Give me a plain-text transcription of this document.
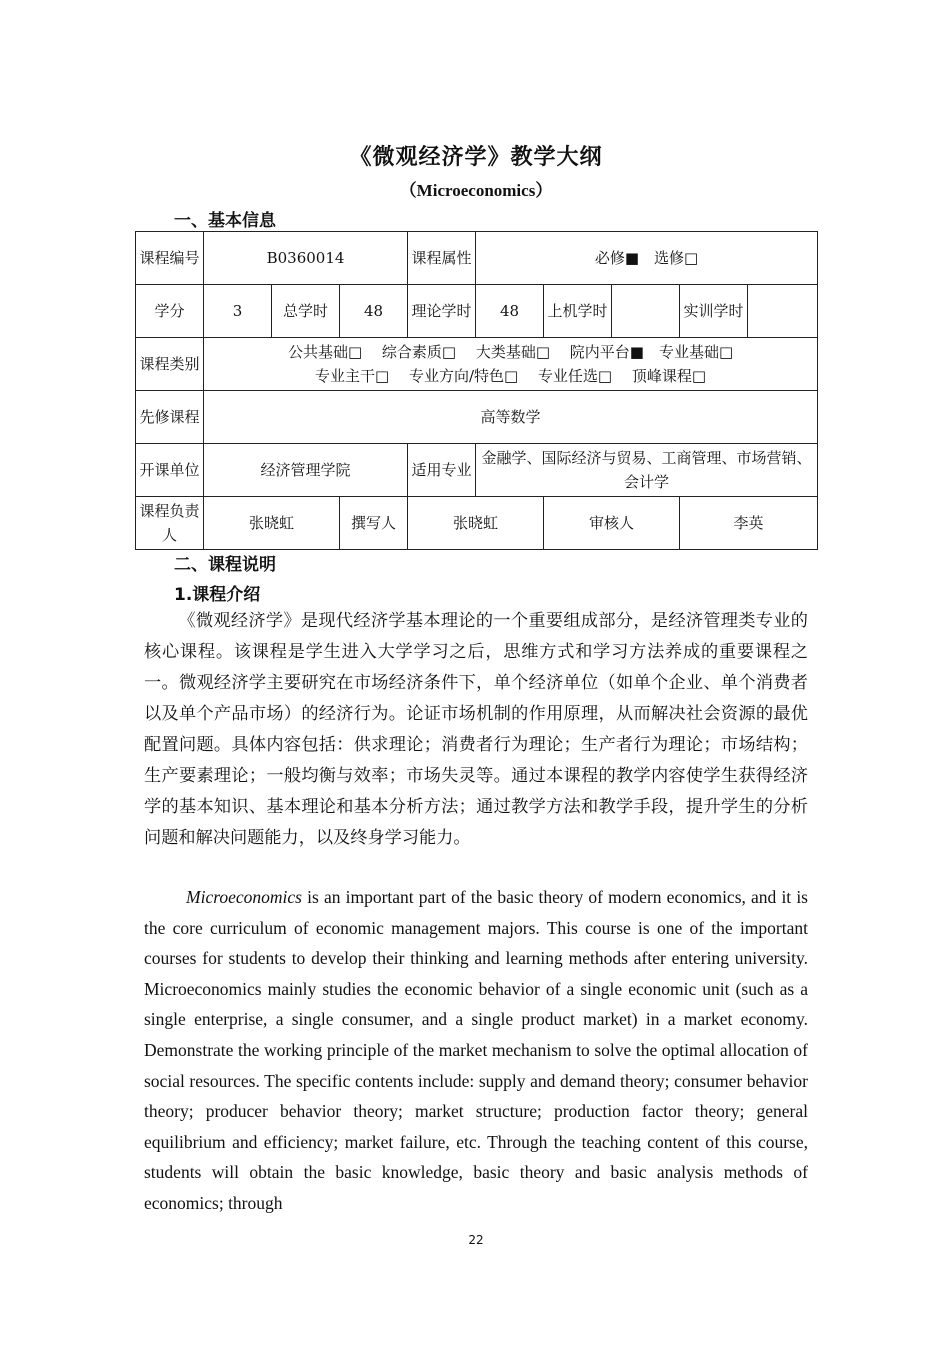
《微观经济学》教学大纲
（Microeconomics）
一、基本信息
课程编号	B0360014			课程属性	必修■　选修□				
学分	3	总学时	48	理论学时	48	上机学时		实训学时	
课程类别	公共基础□　 综合素质□　 大类基础□　 院内平台■　专业基础□
专业主干□　 专业方向/特色□　 专业任选□　 顶峰课程□								

先修课程	高等数学								
开课单位	经济管理学院			适用专业	金融学、国际经济与贸易、工商管理、市场营销、会计学				
课程负责人	张晓虹		撰写人	张晓虹		审核人		李英	
二、课程说明
1.课程介绍
《微观经济学》是现代经济学基本理论的一个重要组成部分，是经济管理类专业的核心课程。该课程是学生进入大学学习之后，思维方式和学习方法养成的重要课程之一。微观经济学主要研究在市场经济条件下，单个经济单位（如单个企业、单个消费者以及单个产品市场）的经济行为。论证市场机制的作用原理，从而解决社会资源的最优配置问题。具体内容包括：供求理论；消费者行为理论；生产者行为理论；市场结构；生产要素理论；一般均衡与效率；市场失灵等。通过本课程的教学内容使学生获得经济学的基本知识、基本理论和基本分析方法；通过教学方法和教学手段，提升学生的分析问题和解决问题能力，以及终身学习能力。
Microeconomics is an important part of the basic theory of modern economics, and it is the core curriculum of economic management majors. This course is one of the important courses for students to develop their thinking and learning methods after entering university. Microeconomics mainly studies the economic behavior of a single economic unit (such as a single enterprise, a single consumer, and a single product market) in a market economy. Demonstrate the working principle of the market mechanism to solve the optimal allocation of social resources. The specific contents include: supply and demand theory; consumer behavior theory; producer behavior theory; market structure; production factor theory; general equilibrium and efficiency; market failure, etc. Through the teaching content of this course, students will obtain the basic knowledge, basic theory and basic analysis methods of economics; through
22
